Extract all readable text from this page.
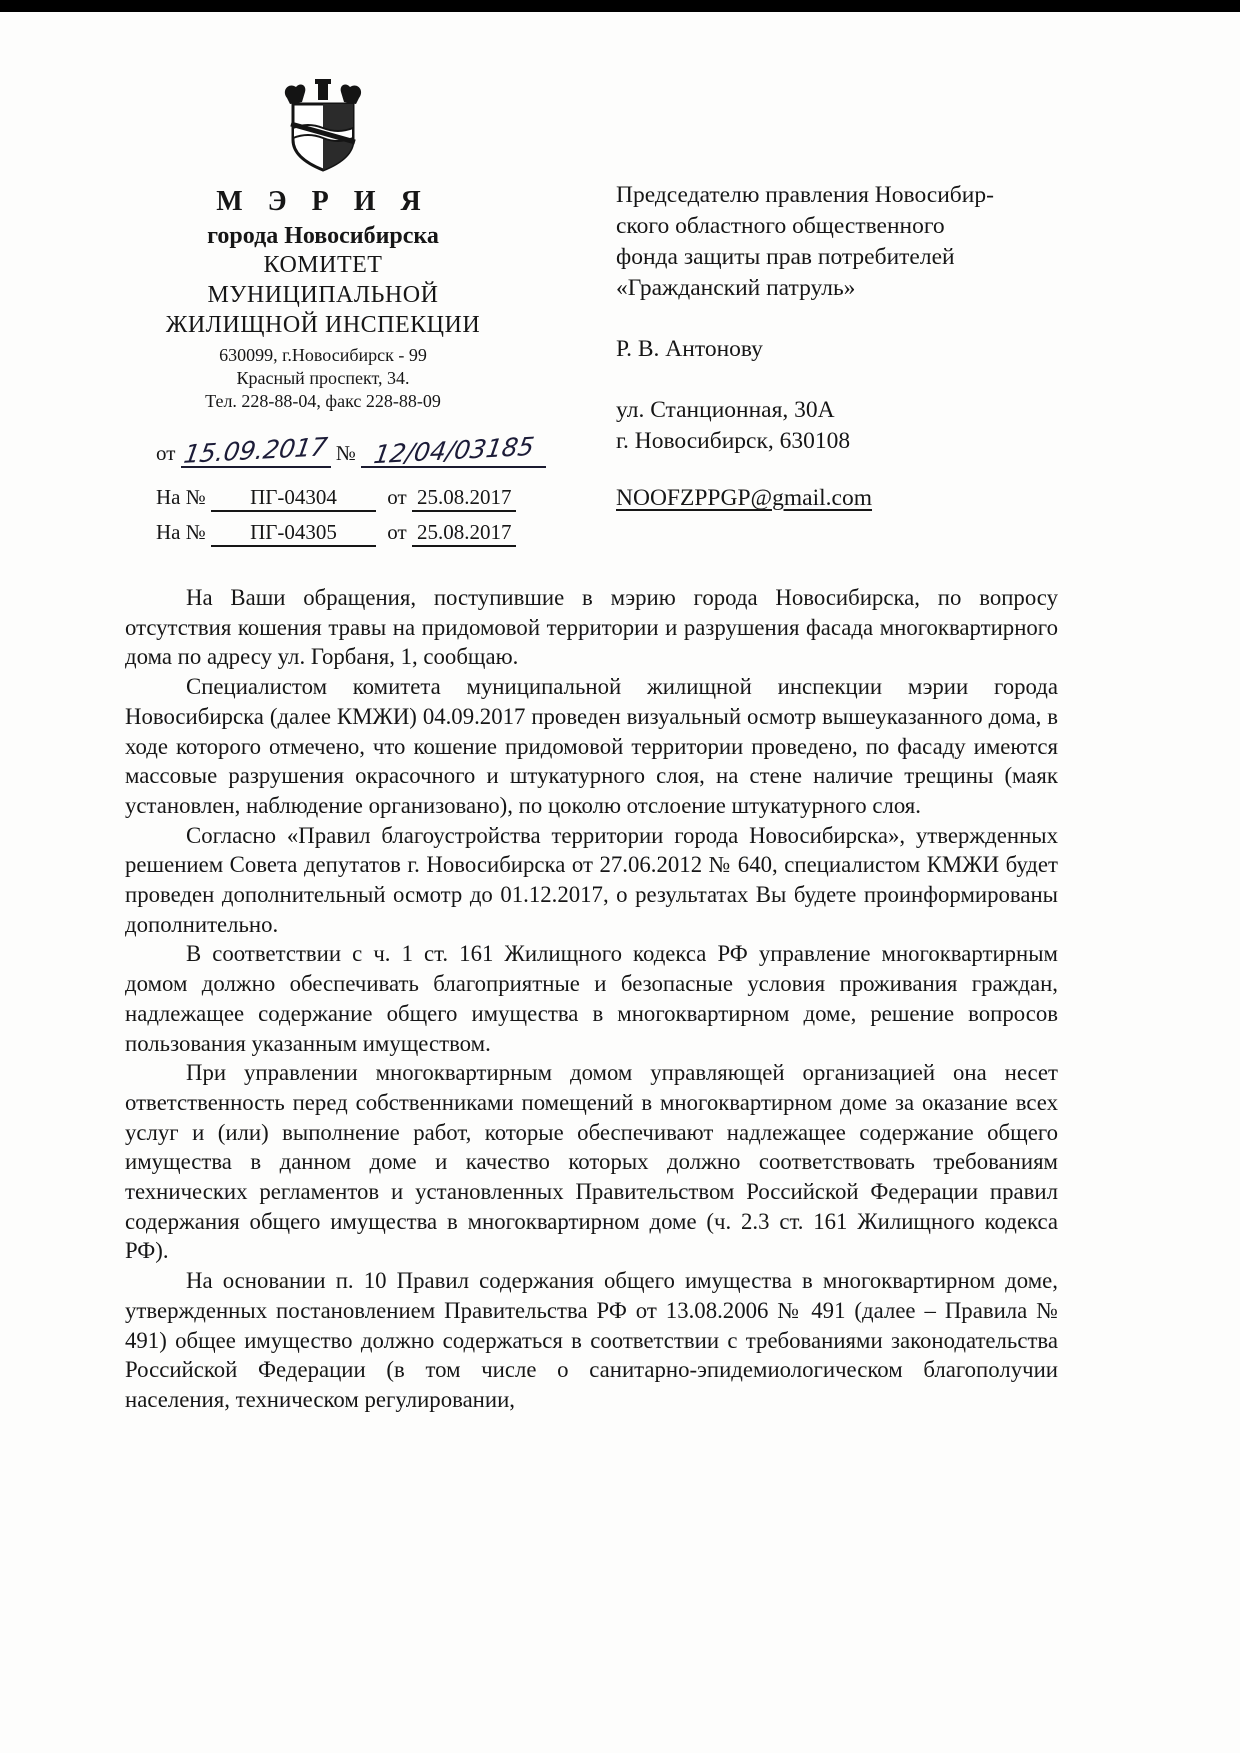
М Э Р И Я
города Новосибирска
КОМИТЕТ
МУНИЦИПАЛЬНОЙ
ЖИЛИЩНОЙ ИНСПЕКЦИИ
630099, г.Новосибирск - 99
Красный проспект, 34.
Тел. 228-88-04, факс 228-88-09
от 15.09.2017 № 12/04/03185
На № ПГ-04304 от 25.08.2017
На № ПГ-04305 от 25.08.2017
Председателю правления Новосибир-
ского областного общественного
фонда защиты прав потребителей
«Гражданский патруль»
Р. В. Антонову
ул. Станционная, 30А
г. Новосибирск, 630108
NOOFZPPGP@gmail.com

На Ваши обращения, поступившие в мэрию города Новосибирска, по вопросу отсутствия кошения травы на придомовой территории и разрушения фасада многоквартирного дома по адресу ул. Горбаня, 1, сообщаю.

Специалистом комитета муниципальной жилищной инспекции мэрии города Новосибирска (далее КМЖИ) 04.09.2017 проведен визуальный осмотр вышеуказанного дома, в ходе которого отмечено, что кошение придомовой территории проведено, по фасаду имеются массовые разрушения окрасочного и штукатурного слоя, на стене наличие трещины (маяк установлен, наблюдение организовано), по цоколю отслоение штукатурного слоя.

Согласно «Правил благоустройства территории города Новосибирска», утвержденных решением Совета депутатов г. Новосибирска от 27.06.2012 № 640, специалистом КМЖИ будет проведен дополнительный осмотр до 01.12.2017, о результатах Вы будете проинформированы дополнительно.

В соответствии с ч. 1 ст. 161 Жилищного кодекса РФ управление многоквартирным домом должно обеспечивать благоприятные и безопасные условия проживания граждан, надлежащее содержание общего имущества в многоквартирном доме, решение вопросов пользования указанным имуществом.

При управлении многоквартирным домом управляющей организацией она несет ответственность перед собственниками помещений в многоквартирном доме за оказание всех услуг и (или) выполнение работ, которые обеспечивают надлежащее содержание общего имущества в данном доме и качество которых должно соответствовать требованиям технических регламентов и установленных Правительством Российской Федерации правил содержания общего имущества в многоквартирном доме (ч. 2.3 ст. 161 Жилищного кодекса РФ).

На основании п. 10 Правил содержания общего имущества в многоквартирном доме, утвержденных постановлением Правительства РФ от 13.08.2006 № 491 (далее – Правила № 491) общее имущество должно содержаться в соответствии с требованиями законодательства Российской Федерации (в том числе о санитарно-эпидемиологическом благополучии населения, техническом регулировании,
